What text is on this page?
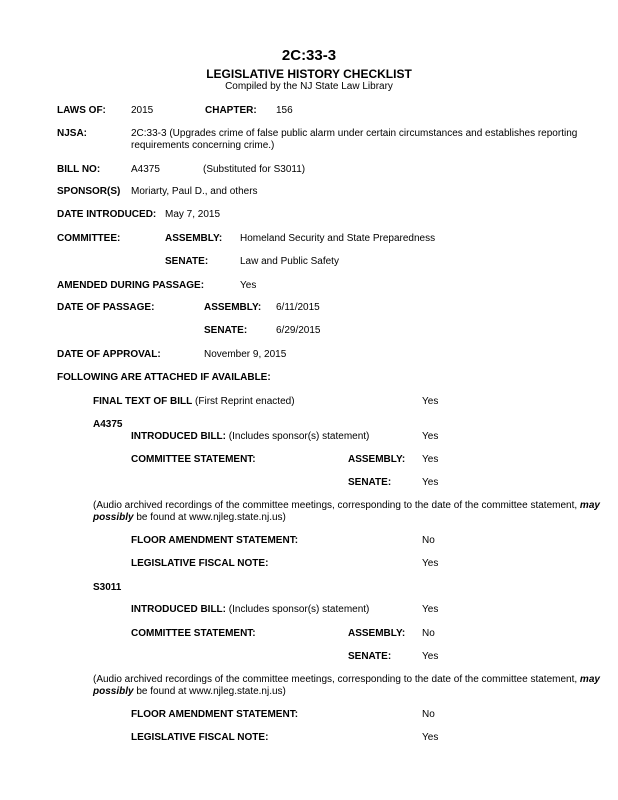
2C:33-3
LEGISLATIVE HISTORY CHECKLIST
Compiled by the NJ State Law Library
LAWS OF:	2015	CHAPTER: 156
NJSA:	2C:33-3 (Upgrades crime of false public alarm under certain circumstances and establishes reporting requirements concerning crime.)
BILL NO:	A4375	(Substituted for S3011)
SPONSOR(S) Moriarty, Paul D., and others
DATE INTRODUCED: May 7, 2015
COMMITTEE:	ASSEMBLY: Homeland Security and State Preparedness
SENATE:	Law and Public Safety
AMENDED DURING PASSAGE:	Yes
DATE OF PASSAGE:	ASSEMBLY: 6/11/2015
SENATE:	6/29/2015
DATE OF APPROVAL:	November 9, 2015
FOLLOWING ARE ATTACHED IF AVAILABLE:
FINAL TEXT OF BILL (First Reprint enacted)	Yes
A4375
INTRODUCED BILL: (Includes sponsor(s) statement)	Yes
COMMITTEE STATEMENT:	ASSEMBLY: Yes
SENATE:	Yes
(Audio archived recordings of the committee meetings, corresponding to the date of the committee statement, may possibly be found at www.njleg.state.nj.us)
FLOOR AMENDMENT STATEMENT:	No
LEGISLATIVE FISCAL NOTE:	Yes
S3011
INTRODUCED BILL: (Includes sponsor(s) statement)	Yes
COMMITTEE STATEMENT:	ASSEMBLY: No
SENATE:	Yes
(Audio archived recordings of the committee meetings, corresponding to the date of the committee statement, may possibly be found at www.njleg.state.nj.us)
FLOOR AMENDMENT STATEMENT:	No
LEGISLATIVE FISCAL NOTE:	Yes
